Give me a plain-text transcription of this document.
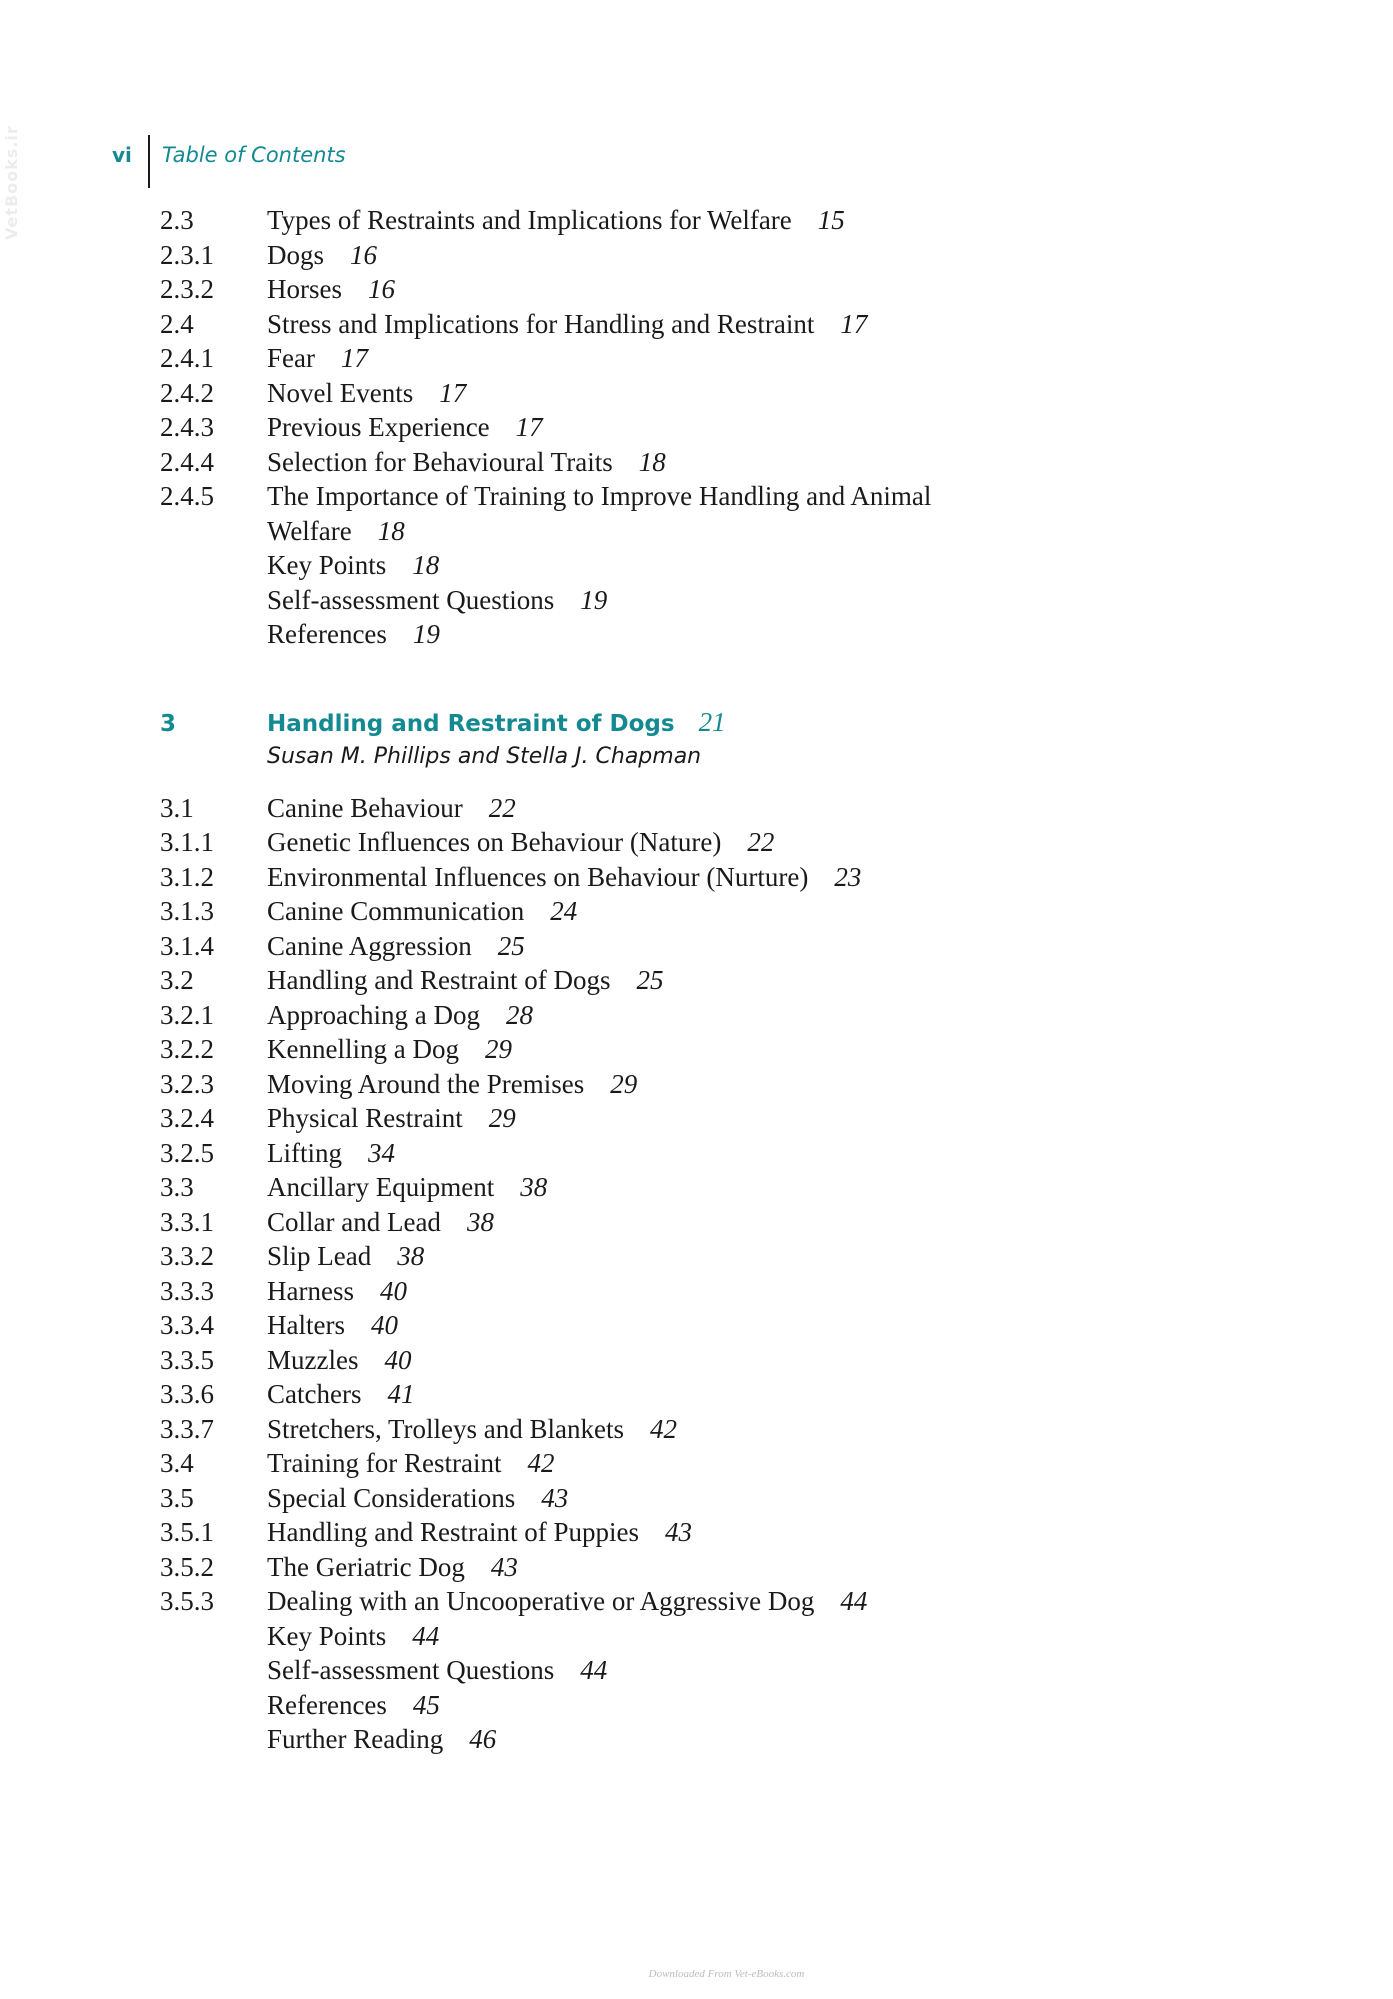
VetBooks.ir	vi	Table of Contents
2.3	Types of Restraints and Implications for Welfare 15
2.3.1	Dogs 16
2.3.2	Horses 16
2.4	Stress and Implications for Handling and Restraint 17
2.4.1	Fear 17
2.4.2	Novel Events 17
2.4.3	Previous Experience 17
2.4.4	Selection for Behavioural Traits 18
2.4.5	The Importance of Training to Improve Handling and Animal
Welfare 18
Key Points 18
Self-assessment Questions 19
References 19
3	Handling and Restraint of Dogs 21
Susan M. Phillips and Stella J. Chapman
3.1	Canine Behaviour 22
3.1.1	Genetic Influences on Behaviour (Nature) 22
3.1.2	Environmental Influences on Behaviour (Nurture) 23
3.1.3	Canine Communication 24
3.1.4	Canine Aggression 25
3.2	Handling and Restraint of Dogs 25
3.2.1	Approaching a Dog 28
3.2.2	Kennelling a Dog 29
3.2.3	Moving Around the Premises 29
3.2.4	Physical Restraint 29
3.2.5	Lifting 34
3.3	Ancillary Equipment 38
3.3.1	Collar and Lead 38
3.3.2	Slip Lead 38
3.3.3	Harness 40
3.3.4	Halters 40
3.3.5	Muzzles 40
3.3.6	Catchers 41
3.3.7	Stretchers, Trolleys and Blankets 42
3.4	Training for Restraint 42
3.5	Special Considerations 43
3.5.1	Handling and Restraint of Puppies 43
3.5.2	The Geriatric Dog 43
3.5.3	Dealing with an Uncooperative or Aggressive Dog 44
Key Points 44
Self-assessment Questions 44
References 45
Further Reading 46
Downloaded From Vet-eBooks.com
